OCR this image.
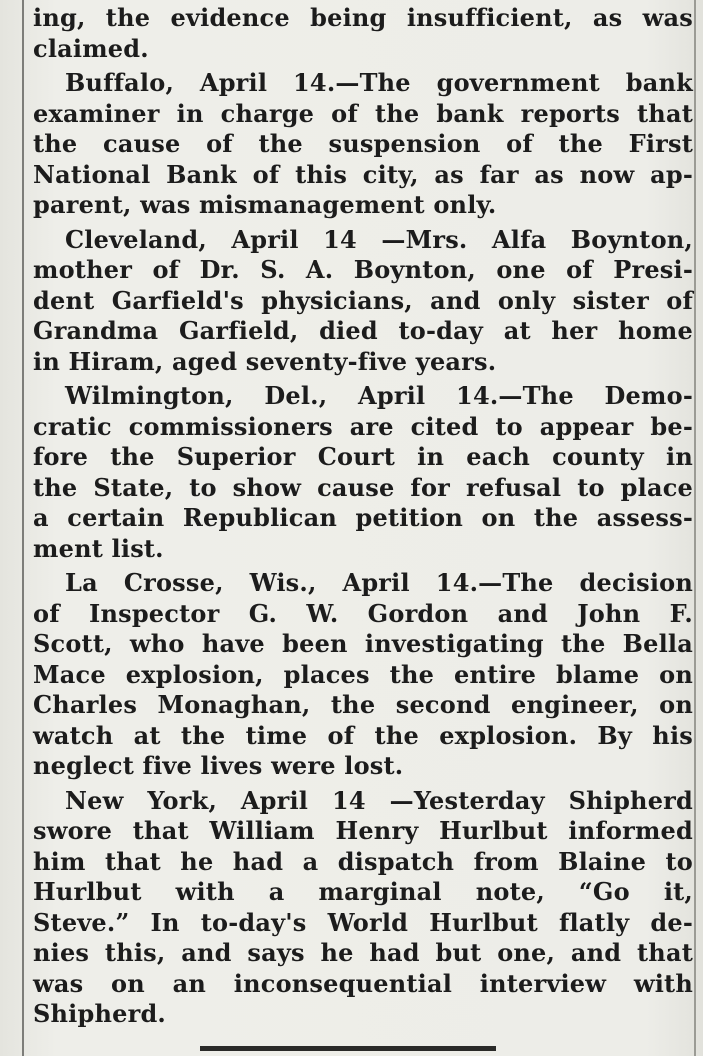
ing, the evidence being insufficient, as was
claimed.
Buffalo, April 14.—The government bank
examiner in charge of the bank reports that
the cause of the suspension of the First
National Bank of this city, as far as now ap-
parent, was mismanagement only.
Cleveland, April 14 —Mrs. Alfa Boynton,
mother of Dr. S. A. Boynton, one of Presi-
dent Garfield's physicians, and only sister of
Grandma Garfield, died to-day at her home
in Hiram, aged seventy-five years.
Wilmington, Del., April 14.—The Demo-
cratic commissioners are cited to appear be-
fore the Superior Court in each county in
the State, to show cause for refusal to place
a certain Republican petition on the assess-
ment list.
La Crosse, Wis., April 14.—The decision
of Inspector G. W. Gordon and John F.
Scott, who have been investigating the Bella
Mace explosion, places the entire blame on
Charles Monaghan, the second engineer, on
watch at the time of the explosion. By his
neglect five lives were lost.
New York, April 14 —Yesterday Shipherd
swore that William Henry Hurlbut informed
him that he had a dispatch from Blaine to
Hurlbut with a marginal note, “Go it,
Steve.” In to-day's World Hurlbut flatly de-
nies this, and says he had but one, and that
was on an inconsequential interview with
Shipherd.
